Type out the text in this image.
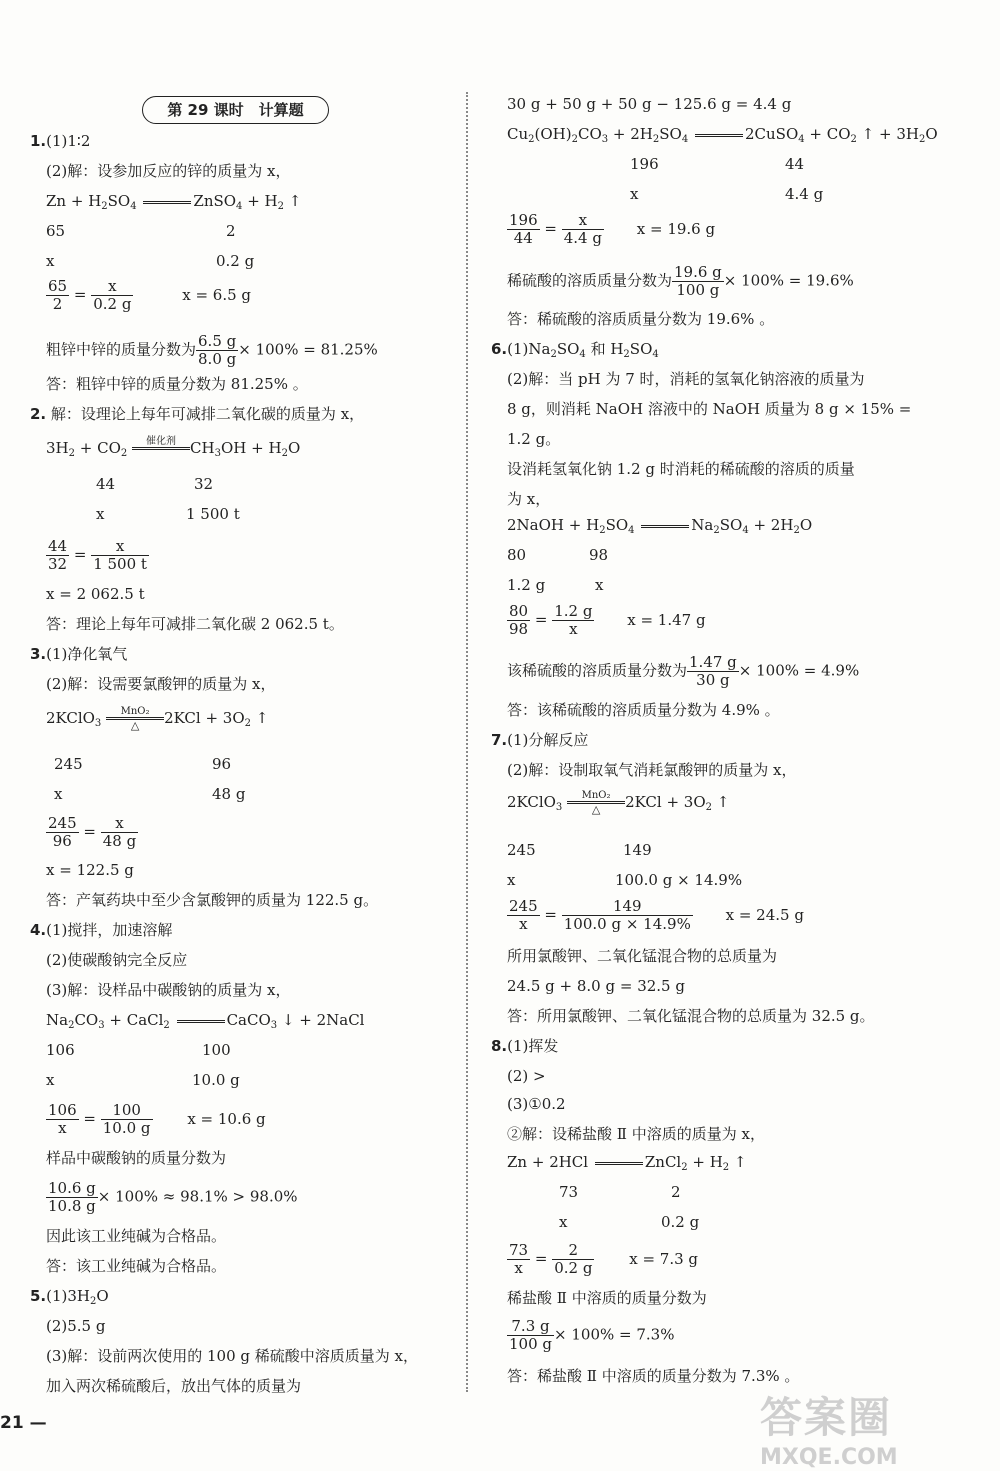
第 29 课时　计算题
1.(1)1∶2
(2)解：设参加反应的锌的质量为 x，
$Zn + H_2SO_4$	ZnSO$_4$ + $H_2$ ↑
65	2
x	0.2 g
$\frac{65}{2} = \frac{x}{0.2 g}$	x = 6.5 g
粗锌中锌的质量分数为 $\frac{6.5 g}{8.0 g} \times 100\% = 81.25\%$
答：粗锌中锌的质量分数为 81.25% 。
2. 解：设理论上每年可减排二氧化碳的质量为 x，
$3H_2 + CO_2$
催化剂
$CH_3OH + H_2O$
44	32
x	1 500 t
$\frac{44}{32} = \frac{x}{1 500 t}$
x = 2 062.5 t
答：理论上每年可减排二氧化碳 2 062.5 t。
3.(1)净化氧气
(2)解：设需要氯酸钾的质量为 x，
2KClO$_3$
MnO₂
△	$2KCl + 3O_2$ ↑
245	96
x	48 g
$\frac{245}{96} = \frac{x}{48 g}$
x = 122.5 g
答：产氧药块中至少含氯酸钾的质量为 122.5 g。
4.(1)搅拌，加速溶解
(2)使碳酸钠完全反应
(3)解：设样品中碳酸钠的质量为 x，
$Na_2CO_3$ + CaCl$_2$	CaCO$_3$ ↓ + 2NaCl
106	100
x	10.0 g
$\frac{106}{x} = \frac{100}{10.0 g}$ x = 10.6 g
样品中碳酸钠的质量分数为
$\frac{10.6 g}{10.8 g} \times 100\% \approx 98.1\% > 98.0\%$
因此该工业纯碱为合格品。
答：该工业纯碱为合格品。
$5.(1)3H_2O$
(2)5.5 g
(3)解：设前两次使用的 100 g 稀硫酸中溶质质量为 x，
加入两次稀硫酸后，放出气体的质量为
30 g + 50 g + 50 g − 125.6 g = 4.4 g
$Cu_2(OH)_2CO_3 + 2H_2SO_4$	2CuSO$_4$ + $CO_2$ ↑ + $3H_2O$
196	44
x	4.4 g
$\frac{196}{44} = \frac{x}{4.4 g}$ x = 19.6 g
稀硫酸的溶质质量分数为 $\frac{19.6 g}{100 g} \times 100\% = 19.6\%$
答：稀硫酸的溶质质量分数为 19.6% 。
$6.(1)Na_2SO_4$ 和 $H_2SO_4$
(2)解：当 pH 为 7 时，消耗的氢氧化钠溶液的质量为
8 g，则消耗 NaOH 溶液中的 NaOH 质量为 8 g × 15% =
1.2 g。
设消耗氢氧化钠 1.2 g 时消耗的稀硫酸的溶质的质量
为 x，
2NaOH + $H_2SO_4$	$Na_2SO_4 + 2H_2O$
80	98
1.2 g	x
$\frac{80}{98} = \frac{1.2 g}{x}$ x = 1.47 g
该稀硫酸的溶质质量分数为 $\frac{1.47 g}{30 g} \times 100\% = 4.9\%$
答：该稀硫酸的溶质质量分数为 4.9% 。
7.(1)分解反应
(2)解：设制取氧气消耗氯酸钾的质量为 x，
2KClO$_3$
MnO₂
△	$2KCl + 3O_2$ ↑
245	149
x	100.0 g × 14.9%
$\frac{245}{x} = \frac{149}{100.0 g \times 14.9\%}$ x = 24.5 g
所用氯酸钾、二氧化锰混合物的总质量为
24.5 g + 8.0 g = 32.5 g
答：所用氯酸钾、二氧化锰混合物的总质量为 32.5 g。
8.(1)挥发
(2) >
(3)①0.2
②解：设稀盐酸 Ⅱ 中溶质的质量为 x，
Zn + 2HCl	ZnCl$_2$ + $H_2$ ↑
73	2
x	0.2 g
$\frac{73}{x} = \frac{2}{0.2 g}$ x = 7.3 g
稀盐酸 Ⅱ 中溶质的质量分数为
$\frac{7.3 g}{100 g} \times 100\% = 7.3\%$
答：稀盐酸 Ⅱ 中溶质的质量分数为 7.3% 。
21 —	答案圈
MXQE.COM
